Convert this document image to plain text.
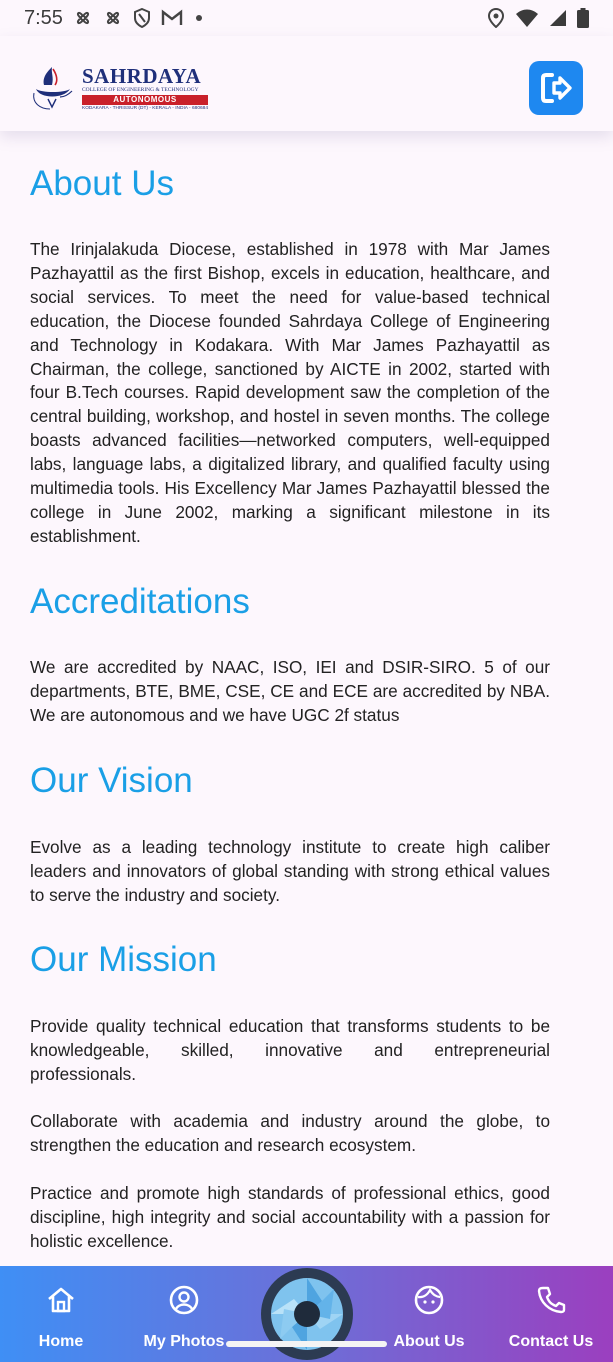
7:55
SAHRDAYA
COLLEGE OF ENGINEERING & TECHNOLOGY
AUTONOMOUS
KODAKARA - THRISSUR (DT) - KERALA - INDIA - 680684
About Us

The Irinjalakuda Diocese, established in 1978 with Mar James Pazhayattil as the first Bishop, excels in education, healthcare, and social services. To meet the need for value-based technical education, the Diocese founded Sahrdaya College of Engineering and Technology in Kodakara. With Mar James Pazhayattil as Chairman, the college, sanctioned by AICTE in 2002, started with four B.Tech courses. Rapid development saw the completion of the central building, workshop, and hostel in seven months. The college boasts advanced facilities—networked computers, well-equipped labs, language labs, a digitalized library, and qualified faculty using multimedia tools. His Excellency Mar James Pazhayattil blessed the college in June 2002, marking a significant milestone in its establishment.

Accreditations

We are accredited by NAAC, ISO, IEI and DSIR-SIRO. 5 of our departments, BTE, BME, CSE, CE and ECE are accredited by NBA. We are autonomous and we have UGC 2f status

Our Vision

Evolve as a leading technology institute to create high caliber leaders and innovators of global standing with strong ethical values to serve the industry and society.

Our Mission

Provide quality technical education that transforms students to be knowledgeable, skilled, innovative and entrepreneurial professionals.

Collaborate with academia and industry around the globe, to strengthen the education and research ecosystem.

Practice and promote high standards of professional ethics, good discipline, high integrity and social accountability with a passion for holistic excellence.

Home	My Photos	About Us	Contact Us
